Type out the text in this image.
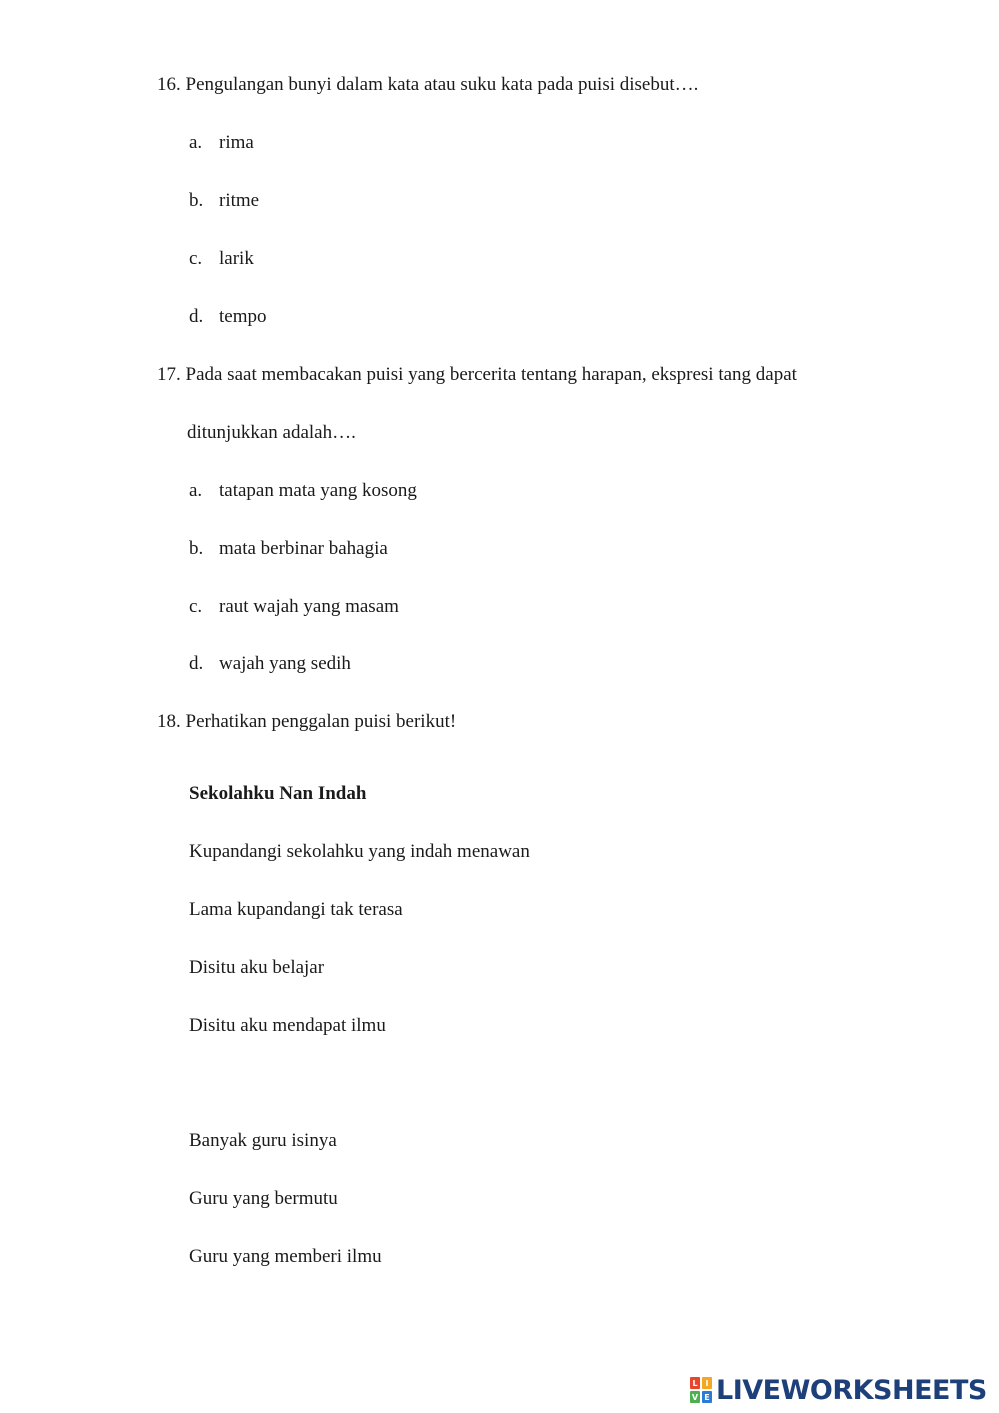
16. Pengulangan bunyi dalam kata atau suku kata pada puisi disebut….
a. rima
b. ritme
c. larik
d. tempo
17. Pada saat membacakan puisi yang bercerita tentang harapan, ekspresi tang dapat
ditunjukkan adalah….
a. tatapan mata yang kosong
b. mata berbinar bahagia
c. raut wajah yang masam
d. wajah yang sedih
18. Perhatikan penggalan puisi berikut!
Sekolahku Nan Indah
Kupandangi sekolahku yang indah menawan
Lama kupandangi tak terasa
Disitu aku belajar
Disitu aku mendapat ilmu
Banyak guru isinya
Guru yang bermutu
Guru yang memberi ilmu
L I
V E LIVEWORKSHEETS
